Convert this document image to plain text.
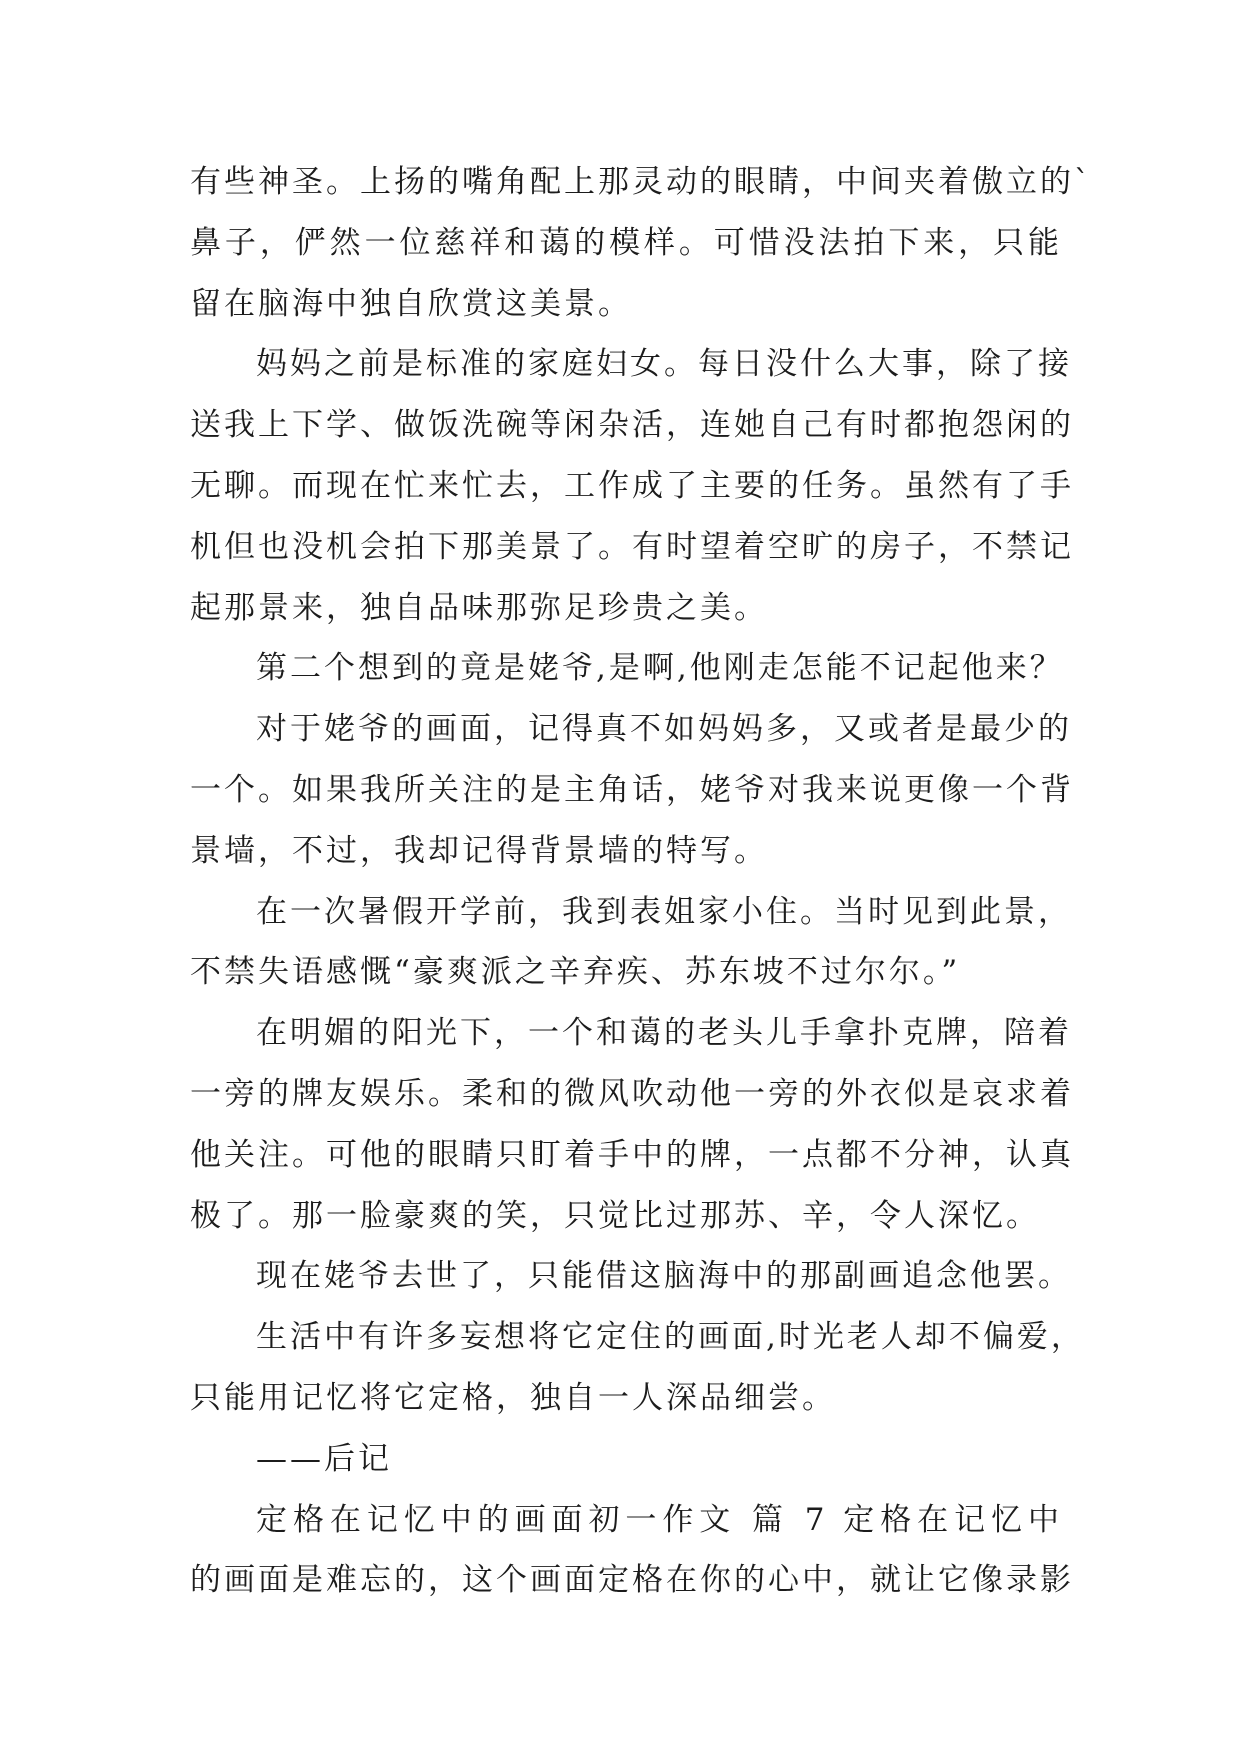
有些神圣。上扬的嘴角配上那灵动的眼睛，中间夹着傲立的`
鼻子，俨然一位慈祥和蔼的模样。可惜没法拍下来，只能
留在脑海中独自欣赏这美景。
妈妈之前是标准的家庭妇女。每日没什么大事，除了接
送我上下学、做饭洗碗等闲杂活，连她自己有时都抱怨闲的
无聊。而现在忙来忙去，工作成了主要的任务。虽然有了手
机但也没机会拍下那美景了。有时望着空旷的房子，不禁记
起那景来，独自品味那弥足珍贵之美。
第二个想到的竟是姥爷,是啊,他刚走怎能不记起他来？
对于姥爷的画面，记得真不如妈妈多，又或者是最少的
一个。如果我所关注的是主角话，姥爷对我来说更像一个背
景墙，不过，我却记得背景墙的特写。
在一次暑假开学前，我到表姐家小住。当时见到此景，
不禁失语感慨“豪爽派之辛弃疾、苏东坡不过尔尔。”
在明媚的阳光下，一个和蔼的老头儿手拿扑克牌，陪着
一旁的牌友娱乐。柔和的微风吹动他一旁的外衣似是哀求着
他关注。可他的眼睛只盯着手中的牌，一点都不分神，认真
极了。那一脸豪爽的笑，只觉比过那苏、辛，令人深忆。
现在姥爷去世了，只能借这脑海中的那副画追念他罢。
生活中有许多妄想将它定住的画面,时光老人却不偏爱，
只能用记忆将它定格，独自一人深品细尝。
——后记
定格在记忆中的画面初一作文 篇 7 定格在记忆中
的画面是难忘的，这个画面定格在你的心中，就让它像录影
